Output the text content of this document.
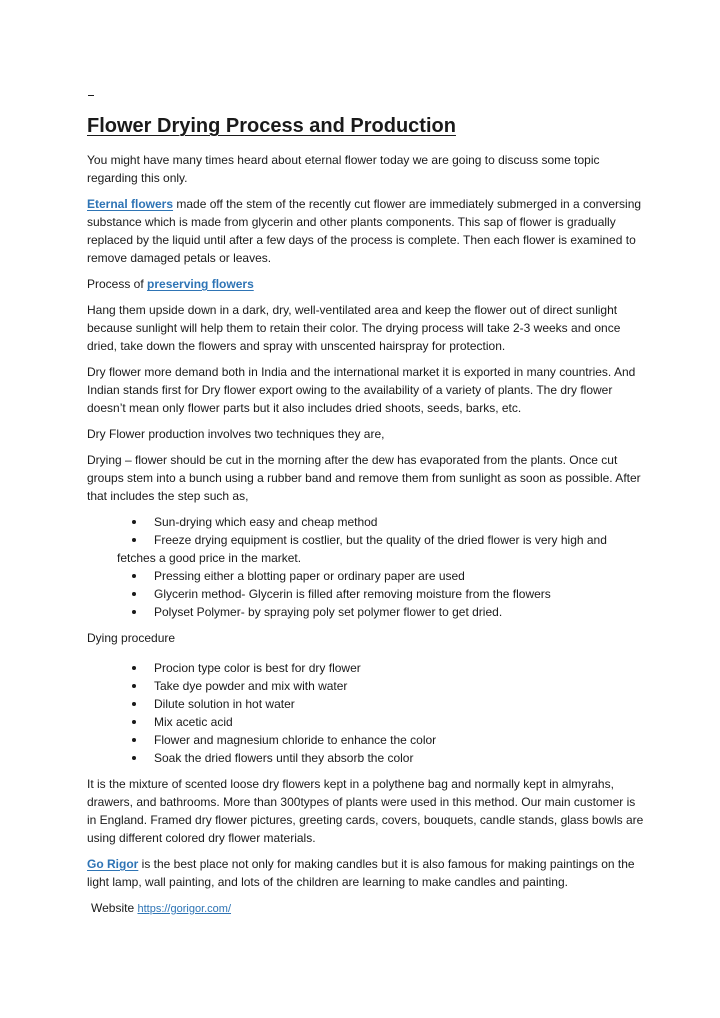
Flower Drying Process and Production

You might have many times heard about eternal flower today we are going to discuss some topic regarding this only.

Eternal flowers made off the stem of the recently cut flower are immediately submerged in a conversing substance which is made from glycerin and other plants components. This sap of flower is gradually replaced by the liquid until after a few days of the process is complete. Then each flower is examined to remove damaged petals or leaves.

Process of preserving flowers

Hang them upside down in a dark, dry, well-ventilated area and keep the flower out of direct sunlight because sunlight will help them to retain their color. The drying process will take 2-3 weeks and once dried, take down the flowers and spray with unscented hairspray for protection.

Dry flower more demand both in India and the international market it is exported in many countries. And Indian stands first for Dry flower export owing to the availability of a variety of plants. The dry flower doesn’t mean only flower parts but it also includes dried shoots, seeds, barks, etc.

Dry Flower production involves two techniques they are,

Drying – flower should be cut in the morning after the dew has evaporated from the plants. Once cut groups stem into a bunch using a rubber band and remove them from sunlight as soon as possible. After that includes the step such as,

Sun-drying which easy and cheap method
Freeze drying equipment is costlier, but the quality of the dried flower is very high and fetches a good price in the market.
Pressing either a blotting paper or ordinary paper are used
Glycerin method- Glycerin is filled after removing moisture from the flowers
Polyset Polymer- by spraying poly set polymer flower to get dried.

Dying procedure

Procion type color is best for dry flower
Take dye powder and mix with water
Dilute solution in hot water
Mix acetic acid
Flower and magnesium chloride to enhance the color
Soak the dried flowers until they absorb the color

It is the mixture of scented loose dry flowers kept in a polythene bag and normally kept in almyrahs, drawers, and bathrooms. More than 300types of plants were used in this method. Our main customer is in England. Framed dry flower pictures, greeting cards, covers, bouquets, candle stands, glass bowls are using different colored dry flower materials.

Go Rigor is the best place not only for making candles but it is also famous for making paintings on the light lamp, wall painting, and lots of the children are learning to make candles and painting.

Website https://gorigor.com/
